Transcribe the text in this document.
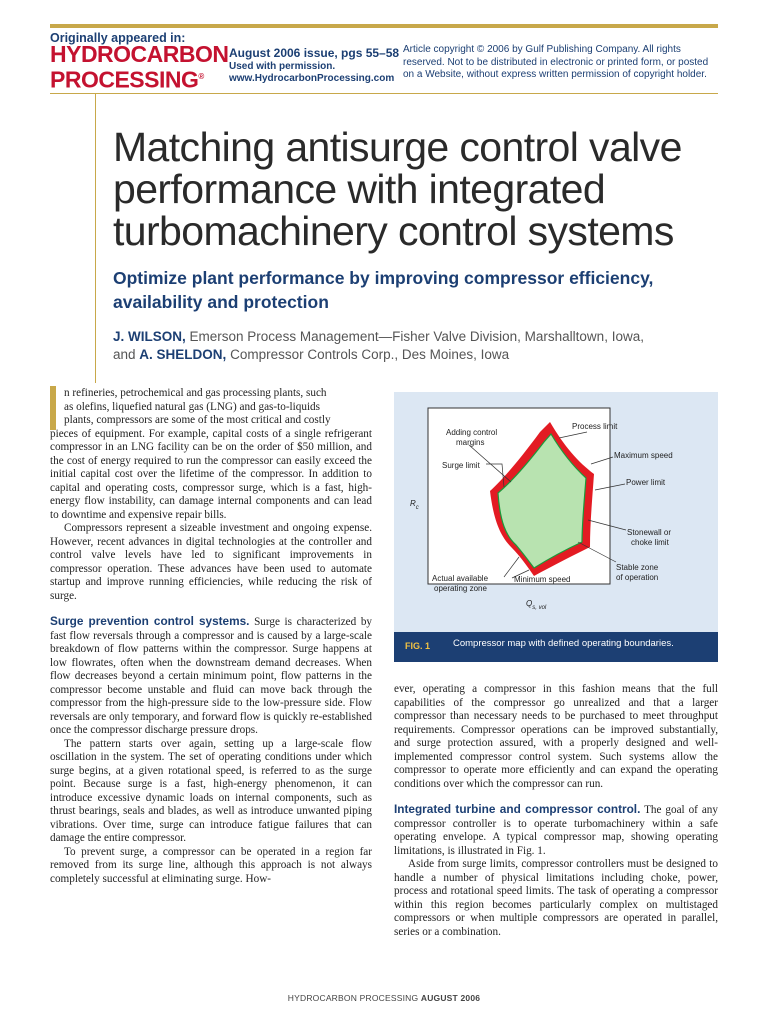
Originally appeared in:
HYDROCARBON
PROCESSING®
August 2006 issue, pgs 55–58
Used with permission.
www.HydrocarbonProcessing.com
Article copyright © 2006 by Gulf Publishing Company. All rights reserved. Not to be distributed in electronic or printed form, or posted on a Website, without express written permission of copyright holder.
Matching antisurge control valve performance with integrated turbomachinery control systems
Optimize plant performance by improving compressor efficiency, availability and protection
J. WILSON, Emerson Process Management—Fisher Valve Division, Marshalltown, Iowa,
and A. SHELDON, Compressor Controls Corp., Des Moines, Iowa

n refineries, petrochemical and gas processing plants, such
as olefins, liquefied natural gas (LNG) and gas-to-liquids
plants, compressors are some of the most critical and costly
pieces of equipment. For example, capital costs of a single refrigerant compressor in an LNG facility can be on the order of $50 million, and the cost of energy required to run the compressor can easily exceed the initial capital cost over the lifetime of the compressor. In addition to capital and operating costs, compressor surge, which is a fast, high-energy flow instability, can damage internal components and can lead to downtime and expensive repair bills.

Compressors represent a sizeable investment and ongoing expense. However, recent advances in digital technologies at the controller and control valve levels have led to significant improvements in compressor operation. These advances have been used to automate startup and improve running efficiencies, while reducing the risk of surge.

Surge prevention control systems. Surge is characterized by fast flow reversals through a compressor and is caused by a large-scale breakdown of flow patterns within the compressor. Surge happens at low flowrates, often when the downstream demand decreases. When flow decreases beyond a certain minimum point, flow patterns in the compressor become unstable and fluid can move back through the compressor from the high-pressure side to the low-pressure side. Flow reversals are only temporary, and forward flow is quickly re-established once the compressor discharge pressure drops.

The pattern starts over again, setting up a large-scale flow oscillation in the system. The set of operating conditions under which surge begins, at a given rotational speed, is referred to as the surge point. Because surge is a fast, high-energy phenomenon, it can introduce excessive dynamic loads on internal components, such as thrust bearings, seals and blades, as well as introduce unwanted piping vibrations. Over time, surge can introduce fatigue failures that can damage the entire compressor.

To prevent surge, a compressor can be operated in a region far removed from its surge line, although this approach is not always completely successful at eliminating surge. How-

Adding control
margins
Surge limit
Process limit
Maximum speed
Power limit
Stonewall or
choke limit
Stable zone
of operation
Actual available
operating zone
Minimum speed
$R_c$
$Q_{s, vol}$
FIG. 1 Compressor map with defined operating boundaries.

ever, operating a compressor in this fashion means that the full capabilities of the compressor go unrealized and that a larger compressor than necessary needs to be purchased to meet throughput requirements. Compressor operations can be improved substantially, and surge protection assured, with a properly designed and well-implemented compressor control system. Such systems allow the compressor to operate more efficiently and can expand the operating conditions over which the compressor can run.

Integrated turbine and compressor control. The goal of any compressor controller is to operate turbomachinery within a safe operating envelope. A typical compressor map, showing operating limitations, is illustrated in Fig. 1.

Aside from surge limits, compressor controllers must be designed to handle a number of physical limitations including choke, power, process and rotational speed limits. The task of operating a compressor within this region becomes particularly complex on multistaged compressors or when multiple compressors are operated in parallel, series or a combination.

HYDROCARBON PROCESSING AUGUST 2006
